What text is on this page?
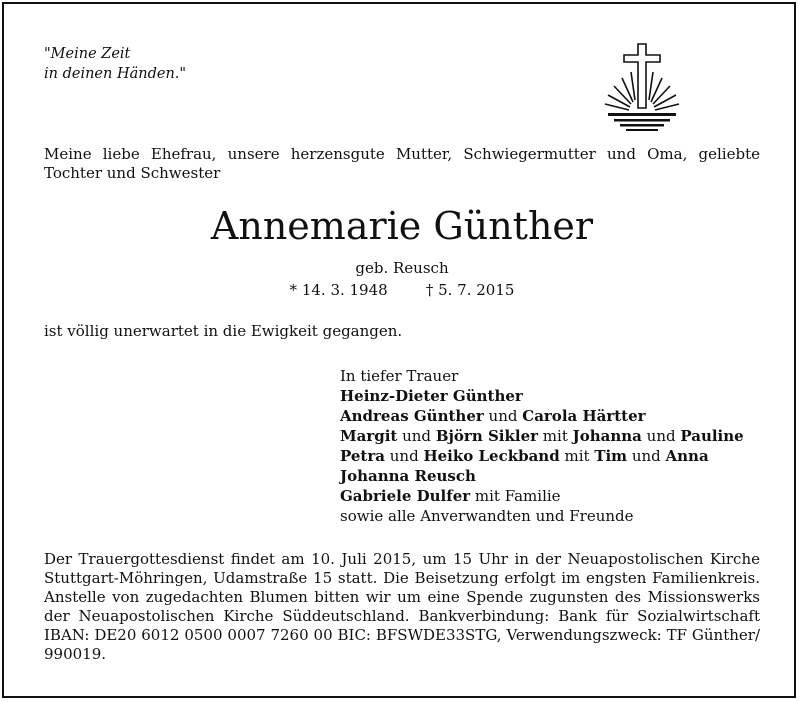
"Meine Zeit
in deinen Händen."
Meine liebe Ehefrau, unsere herzensgute Mutter, Schwiegermutter und Oma, geliebte Tochter und Schwester
Annemarie Günther
geb. Reusch
* 14. 3. 1948        † 5. 7. 2015
ist völlig unerwartet in die Ewigkeit gegangen.
In tiefer Trauer
Heinz-Dieter Günther
Andreas Günther und Carola Härtter
Margit und Björn Sikler mit Johanna und Pauline
Petra und Heiko Leckband mit Tim und Anna
Johanna Reusch
Gabriele Dulfer mit Familie
sowie alle Anverwandten und Freunde
Der Trauergottesdienst findet am 10. Juli 2015, um 15 Uhr in der Neuapostolischen Kirche
Stuttgart-Möhringen, Udamstraße 15 statt. Die Beisetzung erfolgt im engsten Familienkreis.
Anstelle von zugedachten Blumen bitten wir um eine Spende zugunsten des Missionswerks
der Neuapostolischen Kirche Süddeutschland. Bankverbindung: Bank für Sozialwirtschaft
IBAN: DE20 6012 0500 0007 7260 00 BIC: BFSWDE33STG, Verwendungszweck: TF Günther/
990019.
